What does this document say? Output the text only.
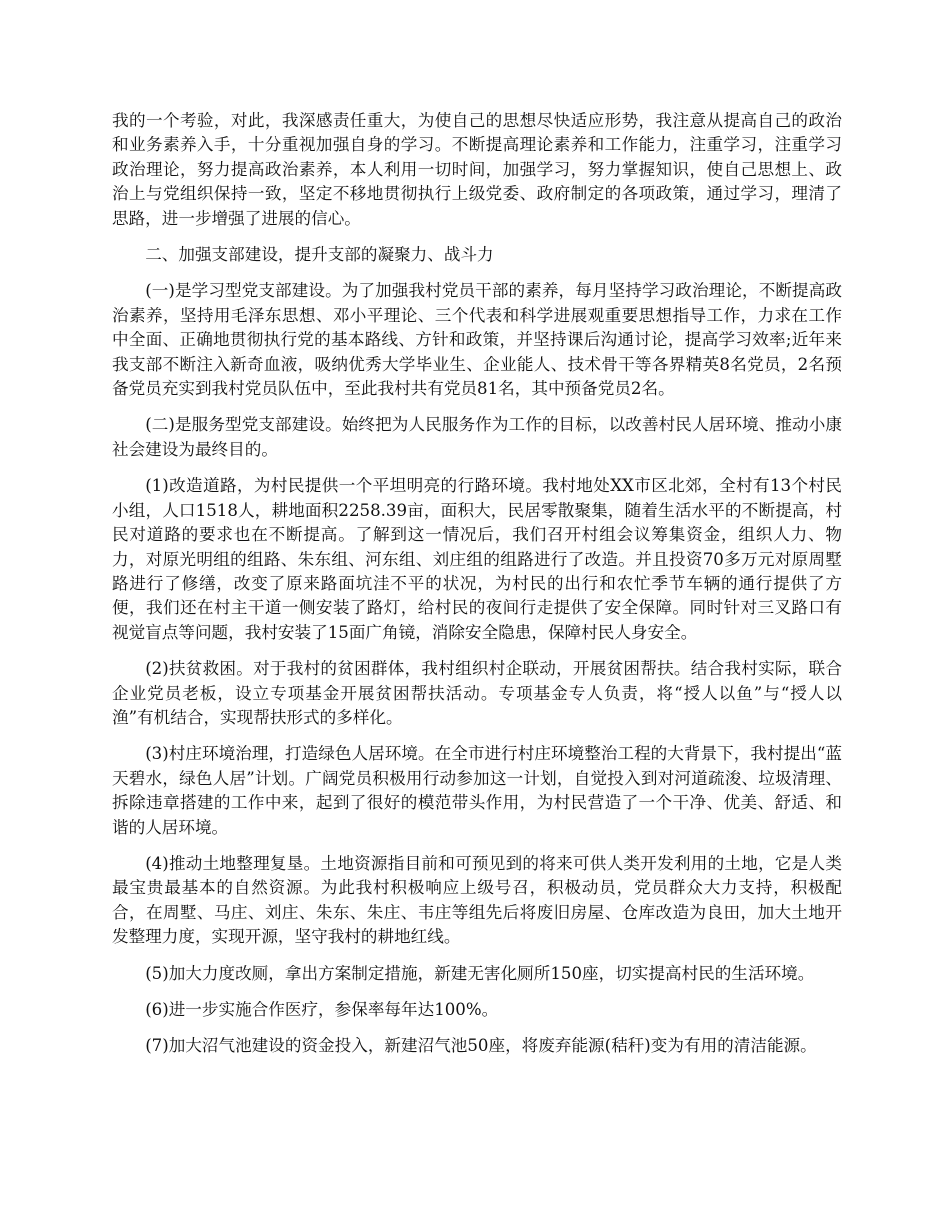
我的一个考验，对此，我深感责任重大，为使自己的思想尽快适应形势，我注意从提高自己的政治和业务素养入手，十分重视加强自身的学习。不断提高理论素养和工作能力，注重学习，注重学习政治理论，努力提高政治素养，本人利用一切时间，加强学习，努力掌握知识，使自己思想上、政治上与党组织保持一致，坚定不移地贯彻执行上级党委、政府制定的各项政策，通过学习，理清了思路，进一步增强了进展的信心。

二、加强支部建设，提升支部的凝聚力、战斗力

(一)是学习型党支部建设。为了加强我村党员干部的素养，每月坚持学习政治理论，不断提高政治素养，坚持用毛泽东思想、邓小平理论、三个代表和科学进展观重要思想指导工作，力求在工作中全面、正确地贯彻执行党的基本路线、方针和政策，并坚持课后沟通讨论，提高学习效率;近年来我支部不断注入新奇血液，吸纳优秀大学毕业生、企业能人、技术骨干等各界精英8名党员，2名预备党员充实到我村党员队伍中，至此我村共有党员81名，其中预备党员2名。

(二)是服务型党支部建设。始终把为人民服务作为工作的目标，以改善村民人居环境、推动小康社会建设为最终目的。

(1)改造道路，为村民提供一个平坦明亮的行路环境。我村地处XX市区北郊，全村有13个村民小组，人口1518人，耕地面积2258.39亩，面积大，民居零散聚集，随着生活水平的不断提高，村民对道路的要求也在不断提高。了解到这一情况后，我们召开村组会议筹集资金，组织人力、物力，对原光明组的组路、朱东组、河东组、刘庄组的组路进行了改造。并且投资70多万元对原周墅路进行了修缮，改变了原来路面坑洼不平的状况，为村民的出行和农忙季节车辆的通行提供了方便，我们还在村主干道一侧安装了路灯，给村民的夜间行走提供了安全保障。同时针对三叉路口有视觉盲点等问题，我村安装了15面广角镜，消除安全隐患，保障村民人身安全。

(2)扶贫救困。对于我村的贫困群体，我村组织村企联动，开展贫困帮扶。结合我村实际，联合企业党员老板，设立专项基金开展贫困帮扶活动。专项基金专人负责，将“授人以鱼”与“授人以渔”有机结合，实现帮扶形式的多样化。

(3)村庄环境治理，打造绿色人居环境。在全市进行村庄环境整治工程的大背景下，我村提出“蓝天碧水，绿色人居”计划。广阔党员积极用行动参加这一计划，自觉投入到对河道疏浚、垃圾清理、拆除违章搭建的工作中来，起到了很好的模范带头作用，为村民营造了一个干净、优美、舒适、和谐的人居环境。

(4)推动土地整理复垦。土地资源指目前和可预见到的将来可供人类开发利用的土地，它是人类最宝贵最基本的自然资源。为此我村积极响应上级号召，积极动员，党员群众大力支持，积极配合，在周墅、马庄、刘庄、朱东、朱庄、韦庄等组先后将废旧房屋、仓库改造为良田，加大土地开发整理力度，实现开源，坚守我村的耕地红线。

(5)加大力度改厕，拿出方案制定措施，新建无害化厕所150座，切实提高村民的生活环境。

(6)进一步实施合作医疗，参保率每年达100%。

(7)加大沼气池建设的资金投入，新建沼气池50座，将废弃能源(秸秆)变为有用的清洁能源。
